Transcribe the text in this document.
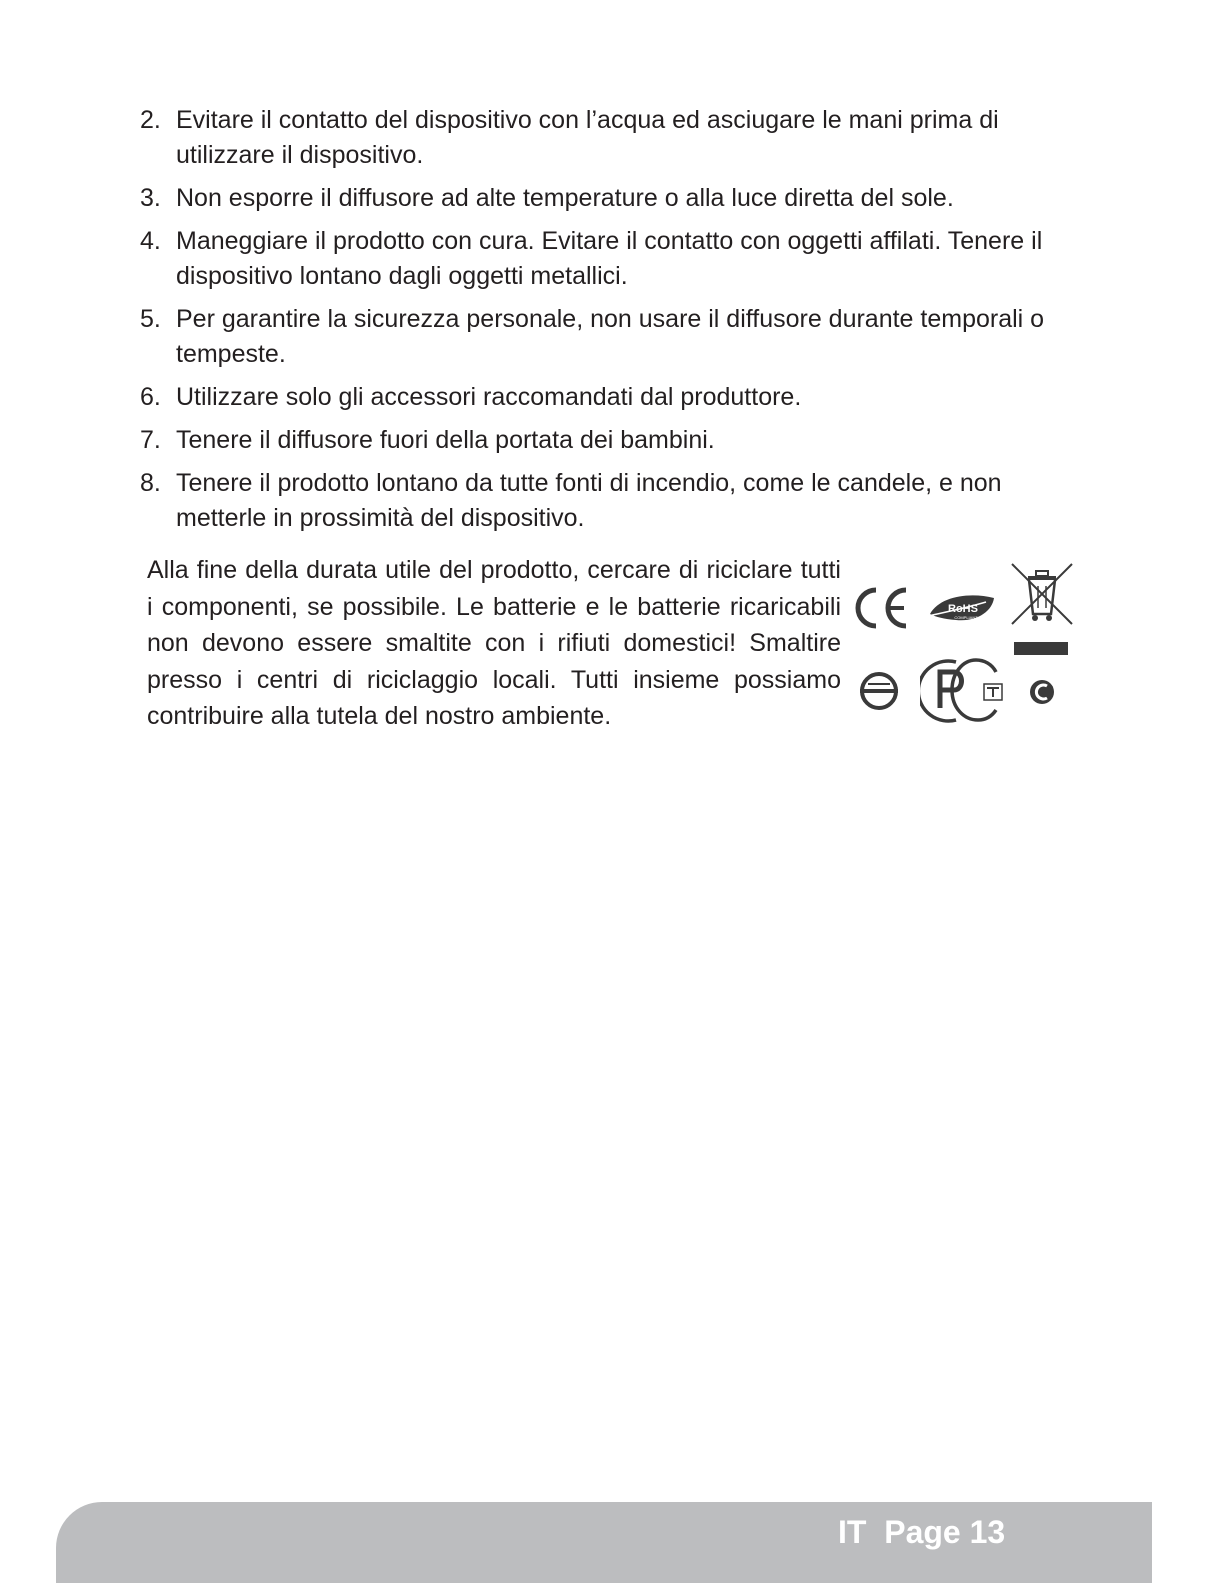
2. Evitare il contatto del dispositivo con l’acqua ed asciugare le mani prima di utilizzare il dispositivo.
3. Non esporre il diffusore ad alte temperature o alla luce diretta del sole.
4. Maneggiare il prodotto con cura. Evitare il contatto con oggetti affilati. Tenere il dispositivo lontano dagli oggetti metallici.
5. Per garantire la sicurezza personale, non usare il diffusore durante temporali o tempeste.
6. Utilizzare solo gli accessori raccomandati dal produttore.
7. Tenere il diffusore fuori della portata dei bambini.
8. Tenere il prodotto lontano da tutte fonti di incendio, come le candele, e non metterle in prossimità del dispositivo.

Alla fine della durata utile del prodotto, cercare di riciclare tutti i componenti, se possibile. Le batterie e le batterie ricaricabili non devono essere smaltite con i rifiuti domestici! Smaltire presso i centri di riciclaggio locali. Tutti insieme possiamo contribuire alla tutela del nostro ambiente.

RoHS
COMPLIANT
IT  Page 13
